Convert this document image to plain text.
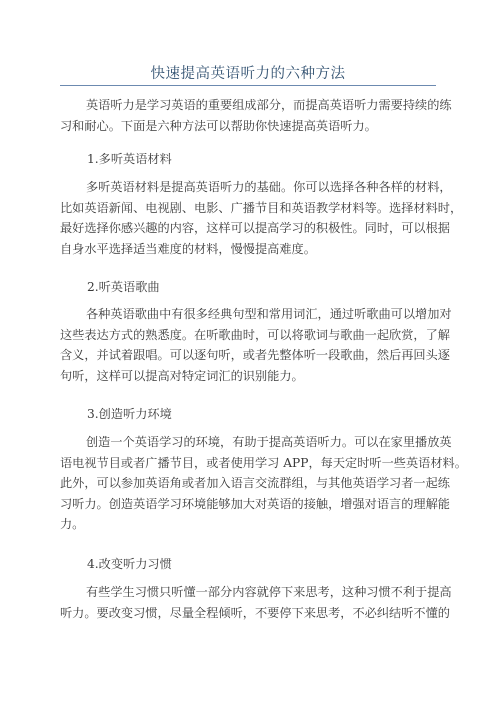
快速提高英语听力的六种方法
英语听力是学习英语的重要组成部分，而提高英语听力需要持续的练
习和耐心。下面是六种方法可以帮助你快速提高英语听力。
1.多听英语材料
多听英语材料是提高英语听力的基础。你可以选择各种各样的材料，
比如英语新闻、电视剧、电影、广播节目和英语教学材料等。选择材料时，
最好选择你感兴趣的内容，这样可以提高学习的积极性。同时，可以根据
自身水平选择适当难度的材料，慢慢提高难度。
2.听英语歌曲
各种英语歌曲中有很多经典句型和常用词汇，通过听歌曲可以增加对
这些表达方式的熟悉度。在听歌曲时，可以将歌词与歌曲一起欣赏，了解
含义，并试着跟唱。可以逐句听，或者先整体听一段歌曲，然后再回头逐
句听，这样可以提高对特定词汇的识别能力。
3.创造听力环境
创造一个英语学习的环境，有助于提高英语听力。可以在家里播放英
语电视节目或者广播节目，或者使用学习 APP，每天定时听一些英语材料。
此外，可以参加英语角或者加入语言交流群组，与其他英语学习者一起练
习听力。创造英语学习环境能够加大对英语的接触，增强对语言的理解能
力。
4.改变听力习惯
有些学生习惯只听懂一部分内容就停下来思考，这种习惯不利于提高
听力。要改变习惯，尽量全程倾听，不要停下来思考，不必纠结听不懂的
